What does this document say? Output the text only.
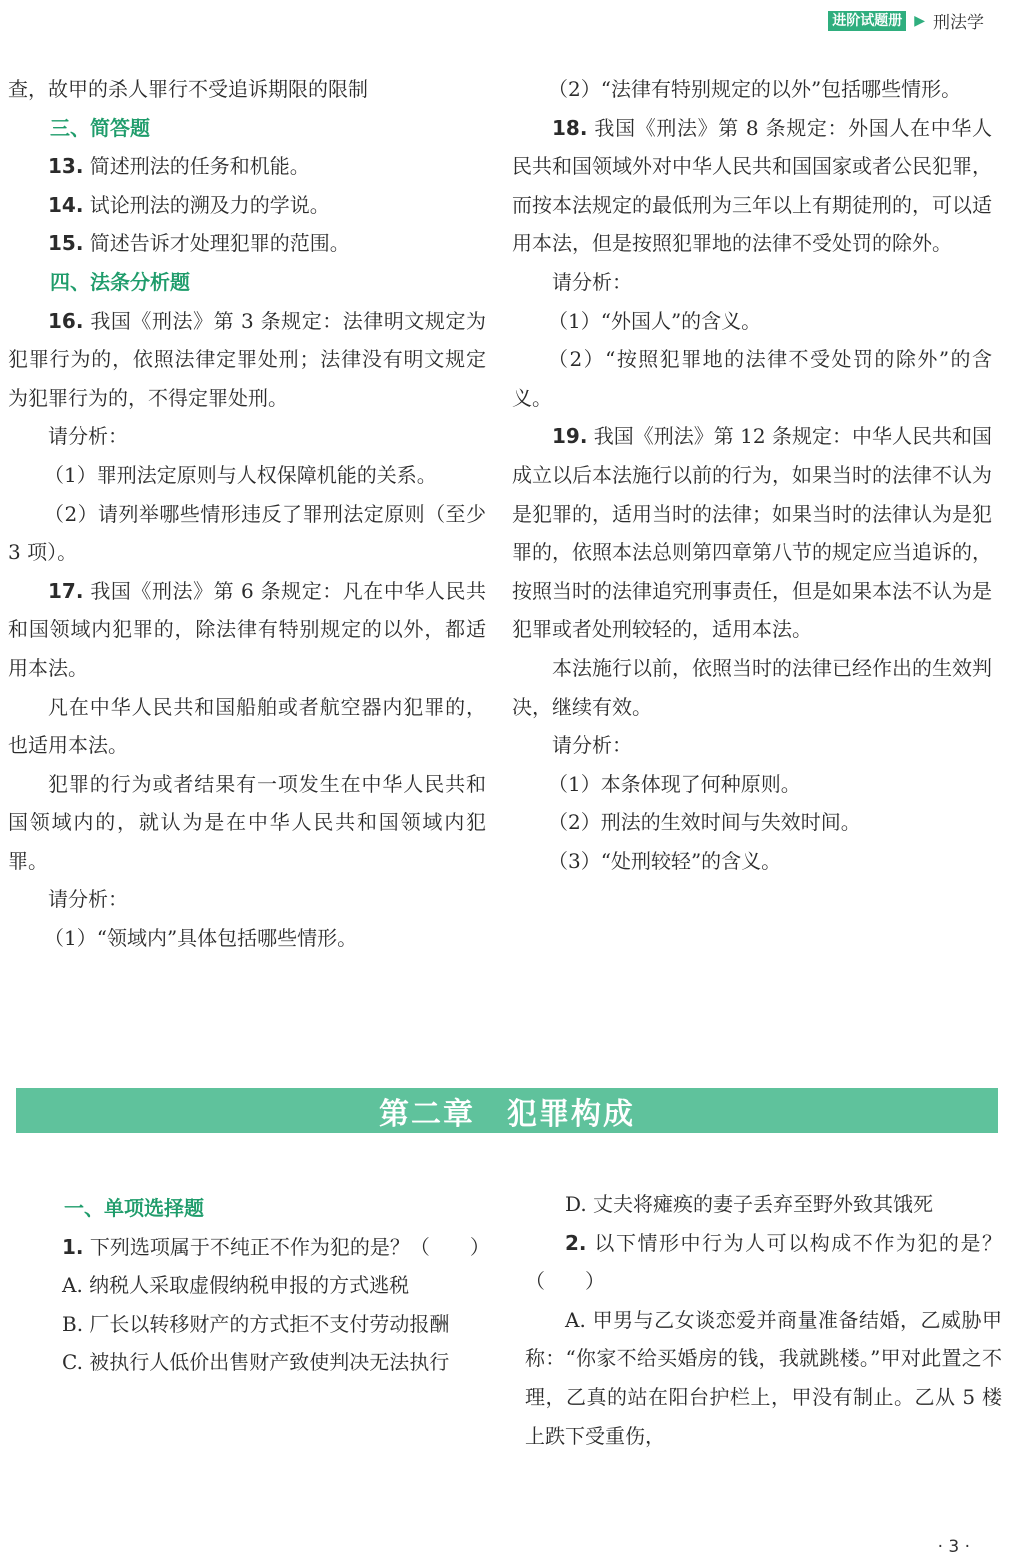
进阶试题册 ▶ 刑法学

查，故甲的杀人罪行不受追诉期限的限制

三、简答题

13. 简述刑法的任务和机能。

14. 试论刑法的溯及力的学说。

15. 简述告诉才处理犯罪的范围。

四、法条分析题

16. 我国《刑法》第 3 条规定：法律明文规定为犯罪行为的，依照法律定罪处刑；法律没有明文规定为犯罪行为的，不得定罪处刑。

请分析：

（1）罪刑法定原则与人权保障机能的关系。

（2）请列举哪些情形违反了罪刑法定原则（至少 3 项）。

17. 我国《刑法》第 6 条规定：凡在中华人民共和国领域内犯罪的，除法律有特别规定的以外，都适用本法。

凡在中华人民共和国船舶或者航空器内犯罪的，也适用本法。

犯罪的行为或者结果有一项发生在中华人民共和国领域内的，就认为是在中华人民共和国领域内犯罪。

请分析：

（1）“领域内”具体包括哪些情形。

（2）“法律有特别规定的以外”包括哪些情形。

18. 我国《刑法》第 8 条规定：外国人在中华人民共和国领域外对中华人民共和国国家或者公民犯罪，而按本法规定的最低刑为三年以上有期徒刑的，可以适用本法，但是按照犯罪地的法律不受处罚的除外。

请分析：

（1）“外国人”的含义。

（2）“按照犯罪地的法律不受处罚的除外”的含义。

19. 我国《刑法》第 12 条规定：中华人民共和国成立以后本法施行以前的行为，如果当时的法律不认为是犯罪的，适用当时的法律；如果当时的法律认为是犯罪的，依照本法总则第四章第八节的规定应当追诉的，按照当时的法律追究刑事责任，但是如果本法不认为是犯罪或者处刑较轻的，适用本法。

本法施行以前，依照当时的法律已经作出的生效判决，继续有效。

请分析：

（1）本条体现了何种原则。

（2）刑法的生效时间与失效时间。

（3）“处刑较轻”的含义。

第二章　犯罪构成

一、单项选择题

1. 下列选项属于不纯正不作为犯的是？（　　）

A. 纳税人采取虚假纳税申报的方式逃税

B. 厂长以转移财产的方式拒不支付劳动报酬

C. 被执行人低价出售财产致使判决无法执行

D. 丈夫将瘫痪的妻子丢弃至野外致其饿死

2. 以下情形中行为人可以构成不作为犯的是？（　　）

A. 甲男与乙女谈恋爱并商量准备结婚，乙威胁甲称：“你家不给买婚房的钱，我就跳楼。”甲对此置之不理，乙真的站在阳台护栏上，甲没有制止。乙从 5 楼上跌下受重伤，

· 3 ·
